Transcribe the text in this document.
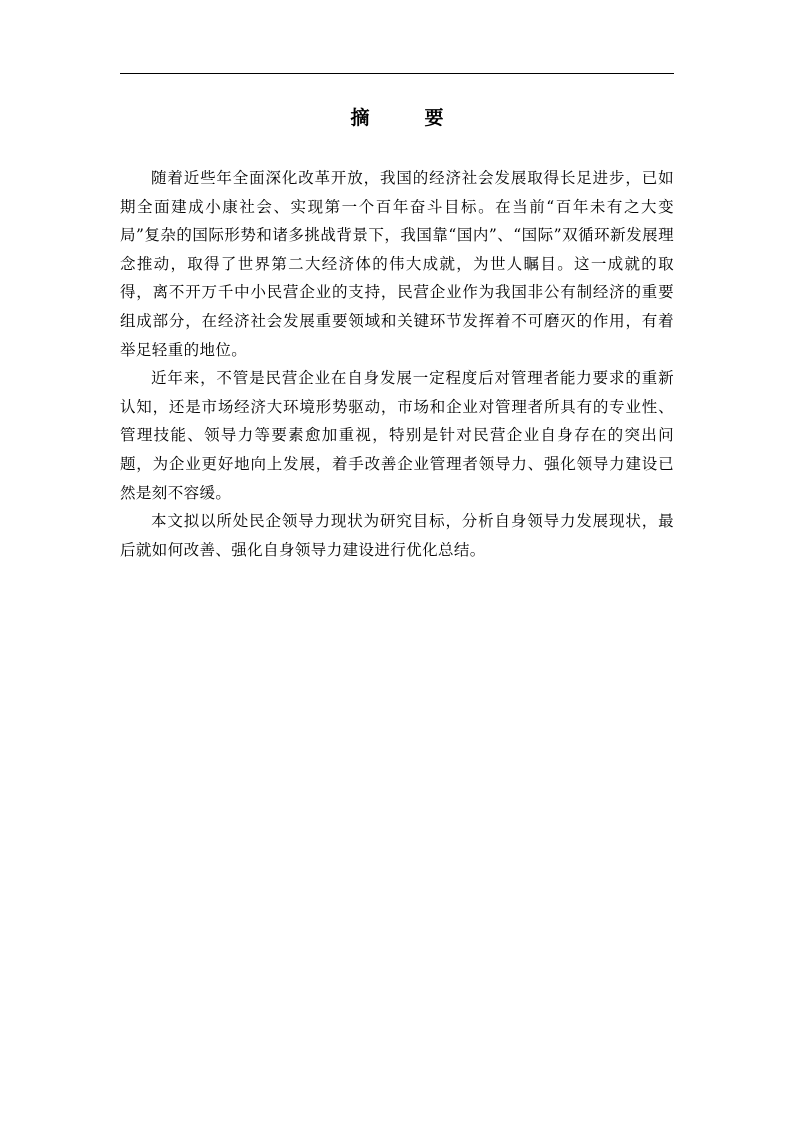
摘　要

随着近些年全面深化改革开放，我国的经济社会发展取得长足进步，已如期全面建成小康社会、实现第一个百年奋斗目标。在当前“百年未有之大变局”复杂的国际形势和诸多挑战背景下，我国靠“国内”、“国际”双循环新发展理念推动，取得了世界第二大经济体的伟大成就，为世人瞩目。这一成就的取得，离不开万千中小民营企业的支持，民营企业作为我国非公有制经济的重要组成部分，在经济社会发展重要领域和关键环节发挥着不可磨灭的作用，有着举足轻重的地位。

近年来，不管是民营企业在自身发展一定程度后对管理者能力要求的重新认知，还是市场经济大环境形势驱动，市场和企业对管理者所具有的专业性、管理技能、领导力等要素愈加重视，特别是针对民营企业自身存在的突出问题，为企业更好地向上发展，着手改善企业管理者领导力、强化领导力建设已然是刻不容缓。

本文拟以所处民企领导力现状为研究目标，分析自身领导力发展现状，最后就如何改善、强化自身领导力建设进行优化总结。
